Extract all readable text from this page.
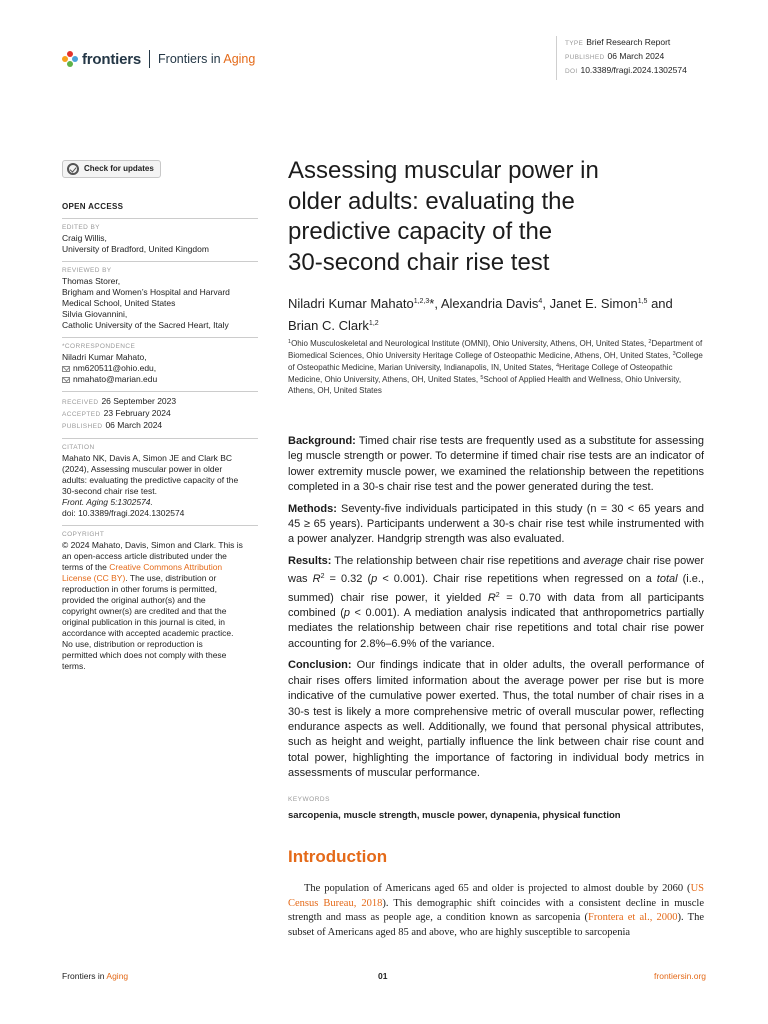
frontiers Frontiers in Aging
TYPE Brief Research Report
PUBLISHED 06 March 2024
DOI 10.3389/fragi.2024.1302574
Check for updates
OPEN ACCESS
EDITED BY
Craig Willis,
University of Bradford, United Kingdom
REVIEWED BY
Thomas Storer,
Brigham and Women’s Hospital and Harvard
Medical School, United States
Silvia Giovannini,
Catholic University of the Sacred Heart, Italy
*CORRESPONDENCE
Niladri Kumar Mahato,
nm620511@ohio.edu,
nmahato@marian.edu
RECEIVED 26 September 2023
ACCEPTED 23 February 2024
PUBLISHED 06 March 2024
CITATION
Mahato NK, Davis A, Simon JE and Clark BC
(2024), Assessing muscular power in older
adults: evaluating the predictive capacity of the
30-second chair rise test.
Front. Aging 5:1302574.
doi: 10.3389/fragi.2024.1302574
COPYRIGHT
© 2024 Mahato, Davis, Simon and Clark. This is
an open-access article distributed under the
terms of the Creative Commons Attribution
License (CC BY). The use, distribution or
reproduction in other forums is permitted,
provided the original author(s) and the
copyright owner(s) are credited and that the
original publication in this journal is cited, in
accordance with accepted academic practice.
No use, distribution or reproduction is
permitted which does not comply with these
terms.
Assessing muscular power in
older adults: evaluating the
predictive capacity of the
30-second chair rise test
Niladri Kumar Mahato$^{1,2,3}$*, Alexandria Davis$^4$, Janet E. Simon$^{1,5}$ and Brian C. Clark$^{1,2}$
$^1$Ohio Musculoskeletal and Neurological Institute (OMNI), Ohio University, Athens, OH, United States, $^2$Department of Biomedical Sciences, Ohio University Heritage College of Osteopathic Medicine, Athens, OH, United States, $^3$College of Osteopathic Medicine, Marian University, Indianapolis, IN, United States, $^4$Heritage College of Osteopathic Medicine, Ohio University, Athens, OH, United States, $^5$School of Applied Health and Wellness, Ohio University, Athens, OH, United States

Background: Timed chair rise tests are frequently used as a substitute for assessing leg muscle strength or power. To determine if timed chair rise tests are an indicator of lower extremity muscle power, we examined the relationship between the repetitions completed in a 30-s chair rise test and the power generated during the test.

Methods: Seventy-five individuals participated in this study (n = 30 < 65 years and 45 ≥ 65 years). Participants underwent a 30-s chair rise test while instrumented with a power analyzer. Handgrip strength was also evaluated.

Results: The relationship between chair rise repetitions and average chair rise power was $R^2 = 0.32$ (p < 0.001). Chair rise repetitions when regressed on a total (i.e., summed) chair rise power, it yielded $R^2 = 0.70$ with data from all participants combined (p < 0.001). A mediation analysis indicated that anthropometrics partially mediates the relationship between chair rise repetitions and total chair rise power accounting for 2.8%–6.9% of the variance.

Conclusion: Our findings indicate that in older adults, the overall performance of chair rises offers limited information about the average power per rise but is more indicative of the cumulative power exerted. Thus, the total number of chair rises in a 30-s test is likely a more comprehensive metric of overall muscular power, reflecting endurance aspects as well. Additionally, we found that personal physical attributes, such as height and weight, partially influence the link between chair rise count and total power, highlighting the importance of factoring in individual body metrics in assessments of muscular performance.

KEYWORDS
sarcopenia, muscle strength, muscle power, dynapenia, physical function
Introduction

The population of Americans aged 65 and older is projected to almost double by 2060 (US Census Bureau, 2018). This demographic shift coincides with a consistent decline in muscle strength and mass as people age, a condition known as sarcopenia (Frontera et al., 2000). The subset of Americans aged 85 and above, who are highly susceptible to sarcopenia

Frontiers in Aging	01	frontiersin.org
